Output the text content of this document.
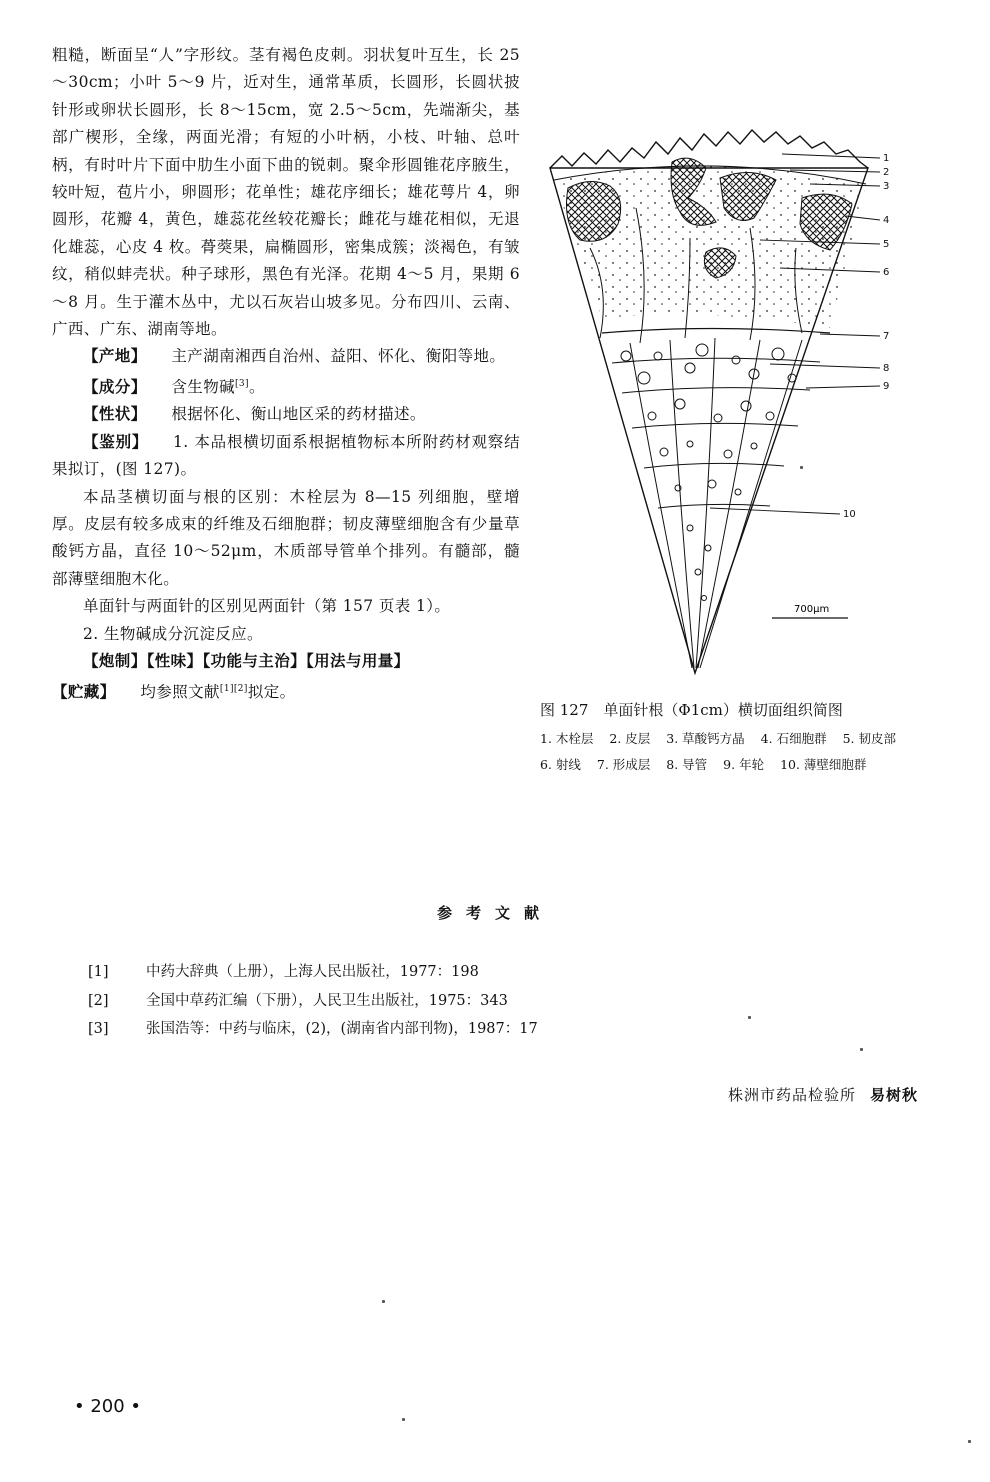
粗糙，断面呈“人”字形纹。茎有褐色皮刺。羽状复叶互生，长 25～30cm；小叶 5～9 片，近对生，通常革质，长圆形，长圆状披针形或卵状长圆形，长 8～15cm，宽 2.5～5cm，先端渐尖，基部广楔形，全缘，两面光滑；有短的小叶柄，小枝、叶轴、总叶柄，有时叶片下面中肋生小面下曲的锐刺。聚伞形圆锥花序腋生，较叶短，苞片小，卵圆形；花单性；雄花序细长；雄花萼片 4，卵圆形，花瓣 4，黄色，雄蕊花丝较花瓣长；雌花与雄花相似，无退化雄蕊，心皮 4 枚。蓇葖果，扁椭圆形，密集成簇；淡褐色，有皱纹，稍似蚌壳状。种子球形，黑色有光泽。花期 4～5 月，果期 6～8 月。生于灌木丛中，尤以石灰岩山坡多见。分布四川、云南、广西、广东、湖南等地。

【产地】 主产湖南湘西自治州、益阳、怀化、衡阳等地。

【成分】 含生物碱[3]。

【性状】 根据怀化、衡山地区采的药材描述。

【鉴别】 1. 本品根横切面系根据植物标本所附药材观察结果拟订，(图 127)。

本品茎横切面与根的区别：木栓层为 8—15 列细胞，壁增厚。皮层有较多成束的纤维及石细胞群；韧皮薄壁细胞含有少量草酸钙方晶，直径 10～52μm，木质部导管单个排列。有髓部，髓部薄壁细胞木化。

单面针与两面针的区别见两面针（第 157 页表 1）。

2. 生物碱成分沉淀反应。

【炮制】【性味】【功能与主治】【用法与用量】

【贮藏】 均参照文献[1][2]拟定。

700μm
1
2
3
4
5
6
7
8
9
10

图 127　单面针根（Φ1cm）横切面组织简图

1. 木栓层 2. 皮层 3. 草酸钙方晶 4. 石细胞群 5. 韧皮部 6. 射线 7. 形成层 8. 导管 9. 年轮 10. 薄壁细胞群

参考文献
[1]	中药大辞典（上册），上海人民出版社，1977：198
[2]	全国中草药汇编（下册），人民卫生出版社，1975：343
[3]	张国浩等：中药与临床，(2)，(湖南省内部刊物)，1987：17
株洲市药品检验所 易树秋
• 200 •
